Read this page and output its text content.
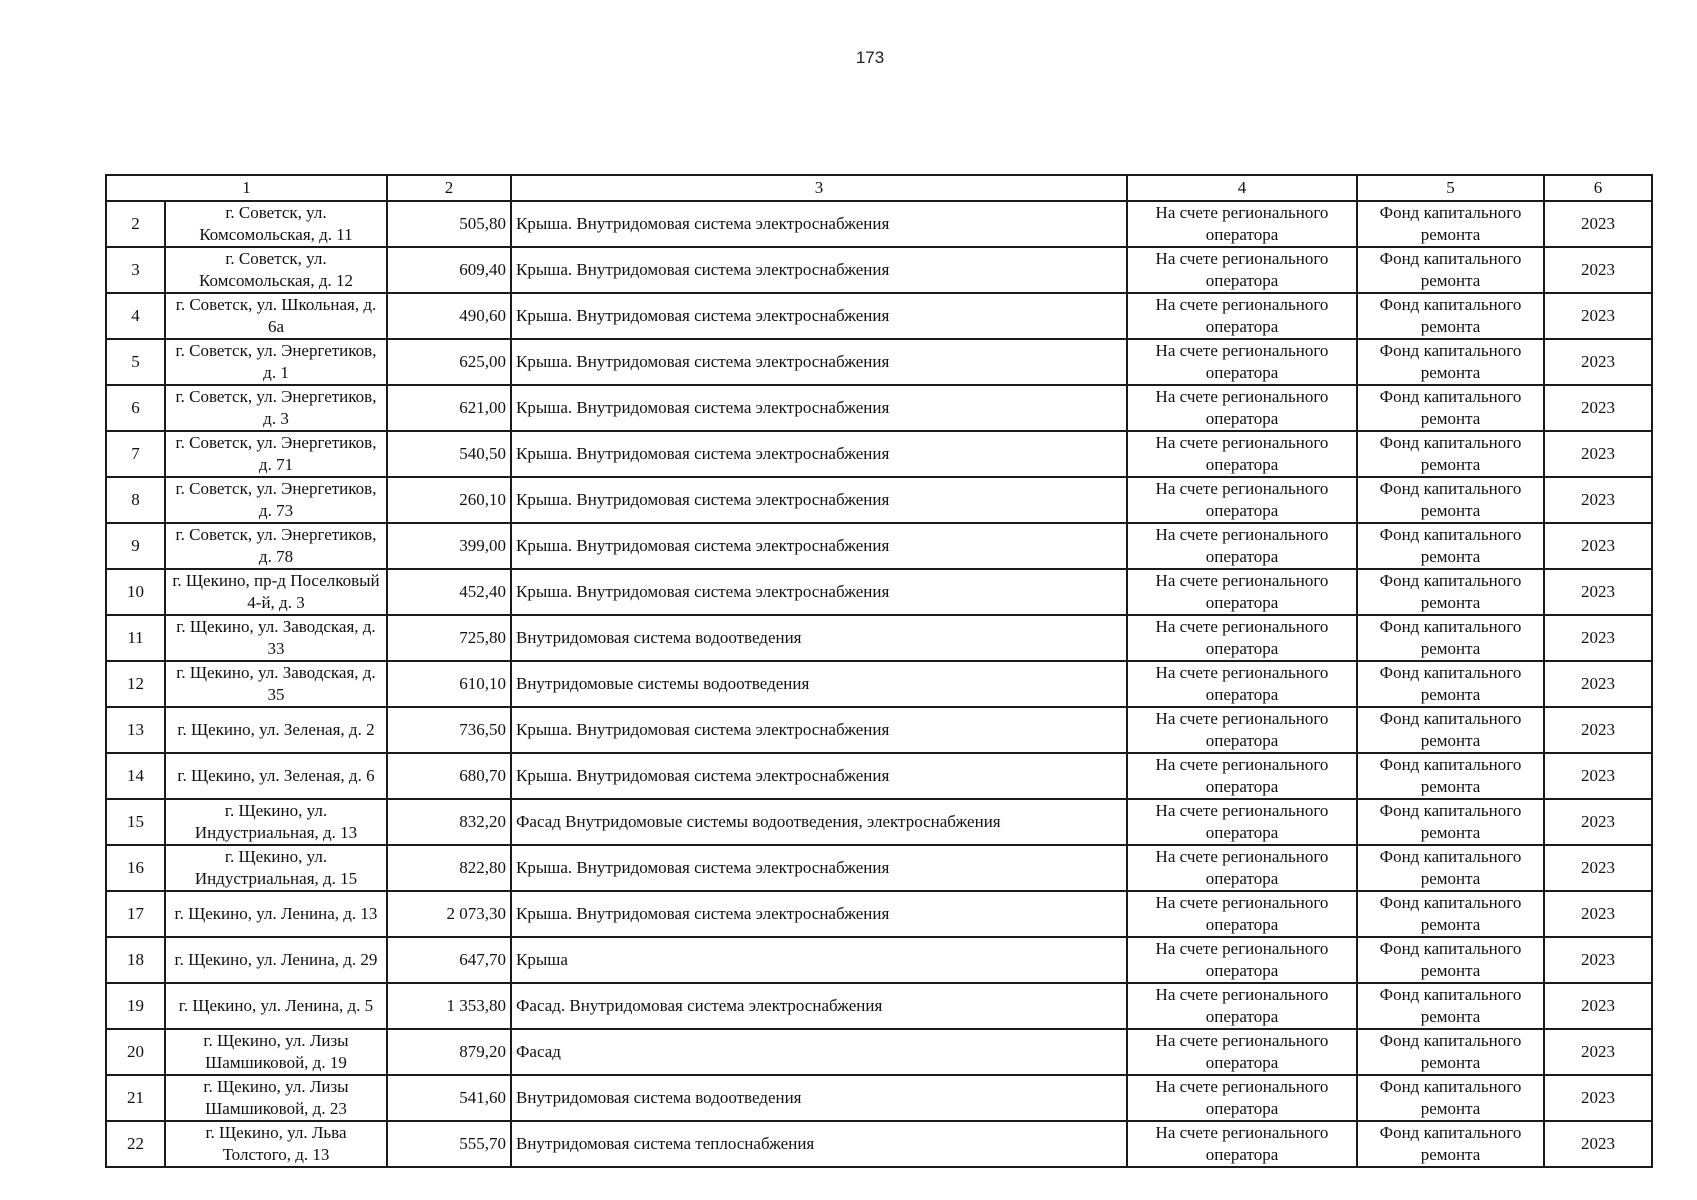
173
1		2	3	4	5	6
2	г. Советск, ул. Комсомольская, д. 11	505,80	Крыша. Внутридомовая система электроснабжения	На счете регионального оператора	Фонд капитального ремонта	2023
3	г. Советск, ул. Комсомольская, д. 12	609,40	Крыша. Внутридомовая система электроснабжения	На счете регионального оператора	Фонд капитального ремонта	2023
4	г. Советск, ул. Школьная, д. 6а	490,60	Крыша. Внутридомовая система электроснабжения	На счете регионального оператора	Фонд капитального ремонта	2023
5	г. Советск, ул. Энергетиков, д. 1	625,00	Крыша. Внутридомовая система электроснабжения	На счете регионального оператора	Фонд капитального ремонта	2023
6	г. Советск, ул. Энергетиков, д. 3	621,00	Крыша. Внутридомовая система электроснабжения	На счете регионального оператора	Фонд капитального ремонта	2023
7	г. Советск, ул. Энергетиков, д. 71	540,50	Крыша. Внутридомовая система электроснабжения	На счете регионального оператора	Фонд капитального ремонта	2023
8	г. Советск, ул. Энергетиков, д. 73	260,10	Крыша. Внутридомовая система электроснабжения	На счете регионального оператора	Фонд капитального ремонта	2023
9	г. Советск, ул. Энергетиков, д. 78	399,00	Крыша. Внутридомовая система электроснабжения	На счете регионального оператора	Фонд капитального ремонта	2023
10	г. Щекино, пр-д Поселковый 4-й, д. 3	452,40	Крыша. Внутридомовая система электроснабжения	На счете регионального оператора	Фонд капитального ремонта	2023
11	г. Щекино, ул. Заводская, д. 33	725,80	Внутридомовая система водоотведения	На счете регионального оператора	Фонд капитального ремонта	2023
12	г. Щекино, ул. Заводская, д. 35	610,10	Внутридомовые системы водоотведения	На счете регионального оператора	Фонд капитального ремонта	2023
13	г. Щекино, ул. Зеленая, д. 2	736,50	Крыша. Внутридомовая система электроснабжения	На счете регионального оператора	Фонд капитального ремонта	2023
14	г. Щекино, ул. Зеленая, д. 6	680,70	Крыша. Внутридомовая система электроснабжения	На счете регионального оператора	Фонд капитального ремонта	2023
15	г. Щекино, ул. Индустриальная, д. 13	832,20	Фасад Внутридомовые системы водоотведения, электроснабжения	На счете регионального оператора	Фонд капитального ремонта	2023
16	г. Щекино, ул. Индустриальная, д. 15	822,80	Крыша. Внутридомовая система электроснабжения	На счете регионального оператора	Фонд капитального ремонта	2023
17	г. Щекино, ул. Ленина, д. 13	2 073,30	Крыша. Внутридомовая система электроснабжения	На счете регионального оператора	Фонд капитального ремонта	2023
18	г. Щекино, ул. Ленина, д. 29	647,70	Крыша	На счете регионального оператора	Фонд капитального ремонта	2023
19	г. Щекино, ул. Ленина, д. 5	1 353,80	Фасад. Внутридомовая система электроснабжения	На счете регионального оператора	Фонд капитального ремонта	2023
20	г. Щекино, ул. Лизы Шамшиковой, д. 19	879,20	Фасад	На счете регионального оператора	Фонд капитального ремонта	2023
21	г. Щекино, ул. Лизы Шамшиковой, д. 23	541,60	Внутридомовая система водоотведения	На счете регионального оператора	Фонд капитального ремонта	2023
22	г. Щекино, ул. Льва Толстого, д. 13	555,70	Внутридомовая система теплоснабжения	На счете регионального оператора	Фонд капитального ремонта	2023
